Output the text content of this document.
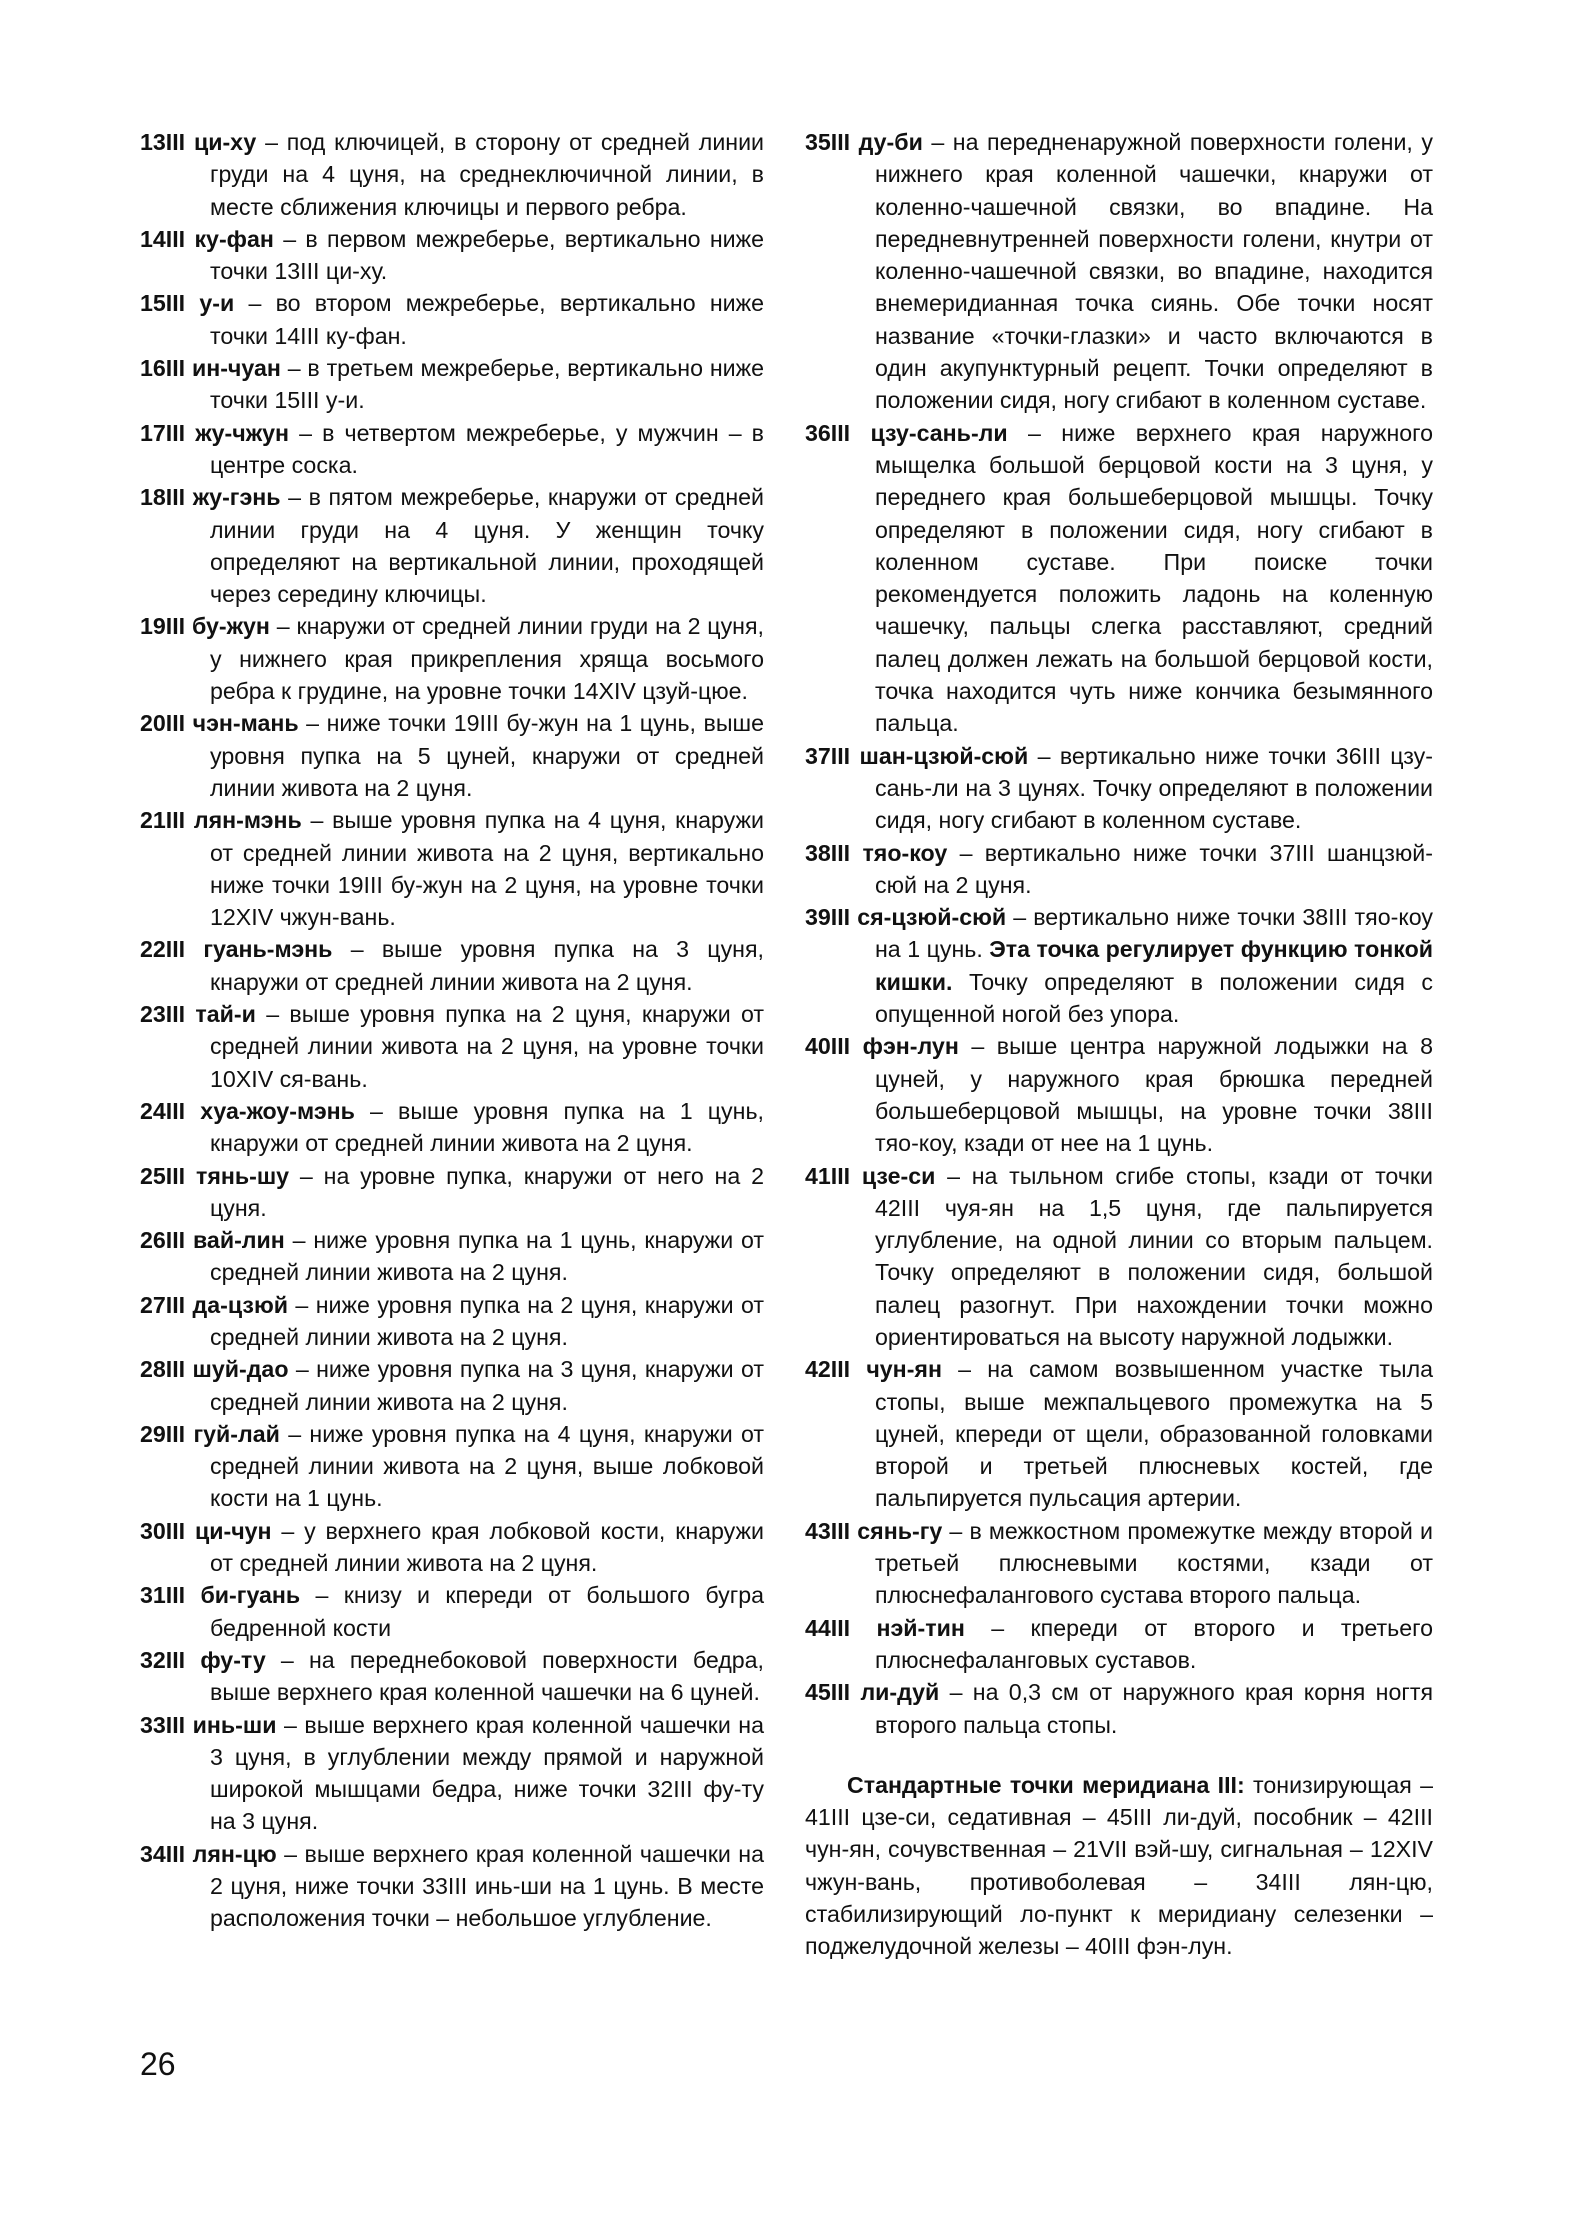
13III ци-ху – под ключицей, в сторону от средней линии груди на 4 цуня, на среднеключичной линии, в месте сближения ключицы и первого ребра.

14III ку-фан – в первом межреберье, вертикально ниже точки 13III ци-ху.

15III у-и – во втором межреберье, вертикально ниже точки 14III ку-фан.

16III ин-чуан – в третьем межреберье, вертикально ниже точки 15III у-и.

17III жу-чжун – в четвертом межреберье, у мужчин – в центре соска.

18III жу-гэнь – в пятом межреберье, кнаружи от средней линии груди на 4 цуня. У женщин точку определяют на вертикальной линии, проходящей через середину ключицы.

19III бу-жун – кнаружи от средней линии груди на 2 цуня, у нижнего края прикрепления хряща восьмого ребра к грудине, на уровне точки 14XIV цзуй-цюе.

20III чэн-мань – ниже точки 19III бу-жун на 1 цунь, выше уровня пупка на 5 цуней, кнаружи от средней линии живота на 2 цуня.

21III лян-мэнь – выше уровня пупка на 4 цуня, кнаружи от средней линии живота на 2 цуня, вертикально ниже точки 19III бу-жун на 2 цуня, на уровне точки 12XIV чжун-вань.

22III гуань-мэнь – выше уровня пупка на 3 цуня, кнаружи от средней линии живота на 2 цуня.

23III тай-и – выше уровня пупка на 2 цуня, кнаружи от средней линии живота на 2 цуня, на уровне точки 10XIV ся-вань.

24III хуа-жоу-мэнь – выше уровня пупка на 1 цунь, кнаружи от средней линии живота на 2 цуня.

25III тянь-шу – на уровне пупка, кнаружи от него на 2 цуня.

26III вай-лин – ниже уровня пупка на 1 цунь, кнаружи от средней линии живота на 2 цуня.

27III да-цзюй – ниже уровня пупка на 2 цуня, кнаружи от средней линии живота на 2 цуня.

28III шуй-дао – ниже уровня пупка на 3 цуня, кнаружи от средней линии живота на 2 цуня.

29III гуй-лай – ниже уровня пупка на 4 цуня, кнаружи от средней линии живота на 2 цуня, выше лобковой кости на 1 цунь.

30III ци-чун – у верхнего края лобковой кости, кнаружи от средней линии живота на 2 цуня.

31III би-гуань – книзу и кпереди от большого бугра бедренной кости

32III фу-ту – на переднебоковой поверхности бедра, выше верхнего края коленной чашечки на 6 цуней.

33III инь-ши – выше верхнего края коленной чашечки на 3 цуня, в углублении между прямой и наружной широкой мышцами бедра, ниже точки 32III фу-ту на 3 цуня.

34III лян-цю – выше верхнего края коленной чашечки на 2 цуня, ниже точки 33III инь-ши на 1 цунь. В месте расположения точки – небольшое углубление.

35III ду-би – на передненаружной поверхности голени, у нижнего края коленной чашечки, кнаружи от коленно-чашечной связки, во впадине. На передневнутренней поверхности голени, кнутри от коленно-чашечной связки, во впадине, находится внемеридианная точка сиянь. Обе точки носят название «точки-глазки» и часто включаются в один акупунктурный рецепт. Точки определяют в положении сидя, ногу сгибают в коленном суставе.

36III цзу-сань-ли – ниже верхнего края наружного мыщелка большой берцовой кости на 3 цуня, у переднего края большеберцовой мышцы. Точку определяют в положении сидя, ногу сгибают в коленном суставе. При поиске точки рекомендуется положить ладонь на коленную чашечку, пальцы слегка расставляют, средний палец должен лежать на большой берцовой кости, точка находится чуть ниже кончика безымянного пальца.

37III шан-цзюй-сюй – вертикально ниже точки 36III цзу-сань-ли на 3 цунях. Точку определяют в положении сидя, ногу сгибают в коленном суставе.

38III тяо-коу – вертикально ниже точки 37III шанцзюй-сюй на 2 цуня.

39III ся-цзюй-сюй – вертикально ниже точки 38III тяо-коу на 1 цунь. Эта точка регулирует функцию тонкой кишки. Точку определяют в положении сидя с опущенной ногой без упора.

40III фэн-лун – выше центра наружной лодыжки на 8 цуней, у наружного края брюшка передней большеберцовой мышцы, на уровне точки 38III тяо-коу, кзади от нее на 1 цунь.

41III цзе-си – на тыльном сгибе стопы, кзади от точки 42III чуя-ян на 1,5 цуня, где пальпируется углубление, на одной линии со вторым пальцем. Точку определяют в положении сидя, большой палец разогнут. При нахождении точки можно ориентироваться на высоту наружной лодыжки.

42III чун-ян – на самом возвышенном участке тыла стопы, выше межпальцевого промежутка на 5 цуней, кпереди от щели, образованной головками второй и третьей плюсневых костей, где пальпируется пульсация артерии.

43III сянь-гу – в межкостном промежутке между второй и третьей плюсневыми костями, кзади от плюснефалангового сустава второго пальца.

44III нэй-тин – кпереди от второго и третьего плюснефаланговых суставов.

45III ли-дуй – на 0,3 см от наружного края корня ногтя второго пальца стопы.

Стандартные точки меридиана III: тонизирующая – 41III цзе-си, седативная – 45III ли-дуй, пособник – 42III чун-ян, сочувственная – 21VII вэй-шу, сигнальная – 12XIV чжун-вань, противоболевая – 34III лян-цю, стабилизирующий ло-пункт к меридиану селезенки – поджелудочной железы – 40III фэн-лун.

26
